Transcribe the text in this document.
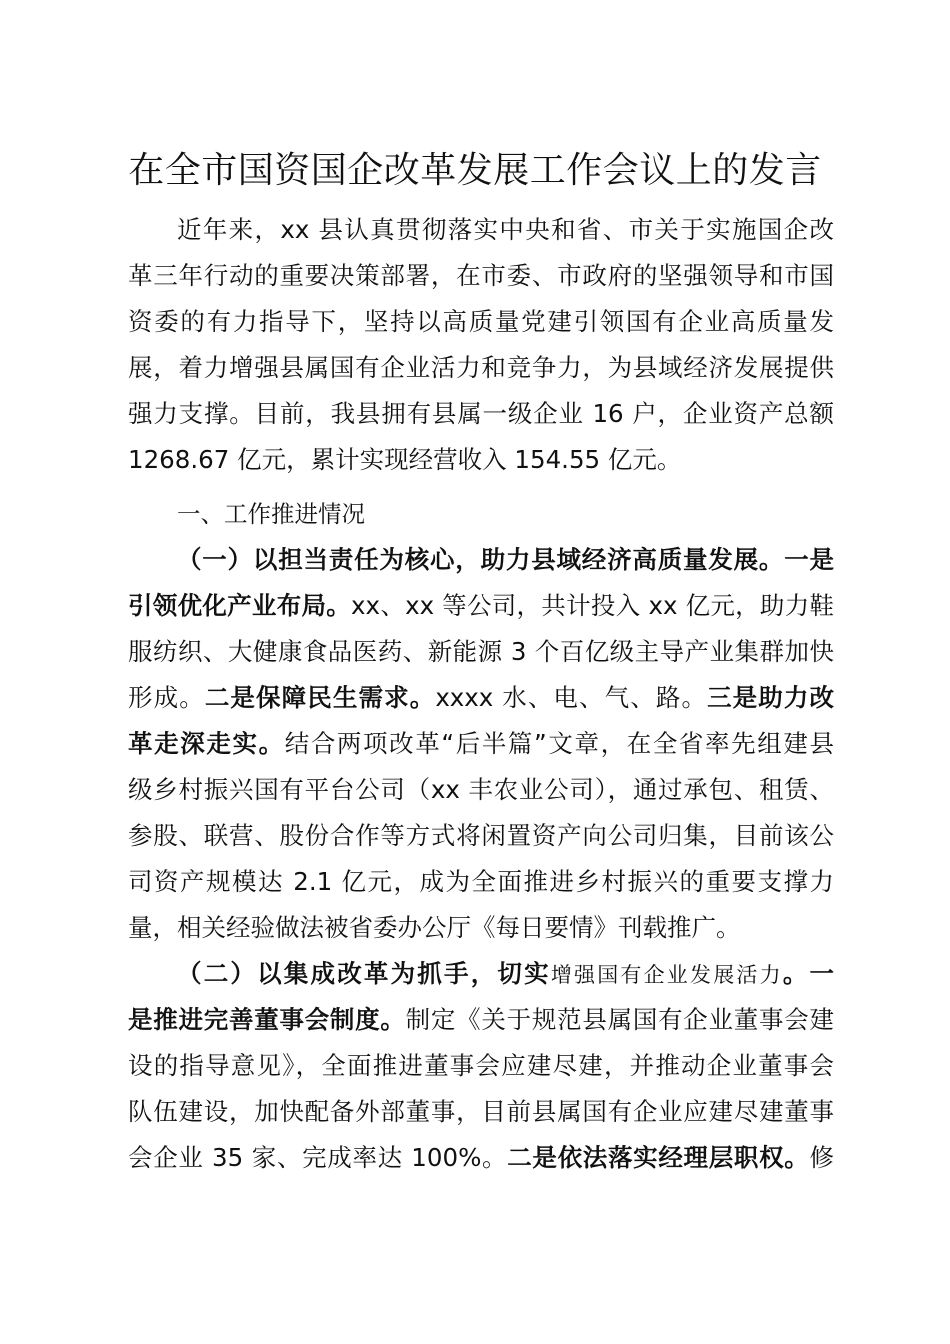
在全市国资国企改革发展工作会议上的发言
近年来，xx 县认真贯彻落实中央和省、市关于实施国企改
革三年行动的重要决策部署，在市委、市政府的坚强领导和市国
资委的有力指导下，坚持以高质量党建引领国有企业高质量发
展，着力增强县属国有企业活力和竞争力，为县域经济发展提供
强力支撑。目前，我县拥有县属一级企业 16 户，企业资产总额
1268.67 亿元，累计实现经营收入 154.55 亿元。
一、工作推进情况
（一）以担当责任为核心，助力县域经济高质量发展。一是
引领优化产业布局。xx、xx 等公司，共计投入 xx 亿元，助力鞋
服纺织、大健康食品医药、新能源 3 个百亿级主导产业集群加快
形成。二是保障民生需求。xxxx 水、电、气、路。三是助力改
革走深走实。结合两项改革“后半篇”文章，在全省率先组建县
级乡村振兴国有平台公司（xx 丰农业公司），通过承包、租赁、
参股、联营、股份合作等方式将闲置资产向公司归集，目前该公
司资产规模达 2.1 亿元，成为全面推进乡村振兴的重要支撑力
量，相关经验做法被省委办公厅《每日要情》刊载推广。
（二）以集成改革为抓手，切实增强国有企业发展活力。一
是推进完善董事会制度。制定《关于规范县属国有企业董事会建
设的指导意见》，全面推进董事会应建尽建，并推动企业董事会
队伍建设，加快配备外部董事，目前县属国有企业应建尽建董事
会企业 35 家、完成率达 100%。二是依法落实经理层职权。修
